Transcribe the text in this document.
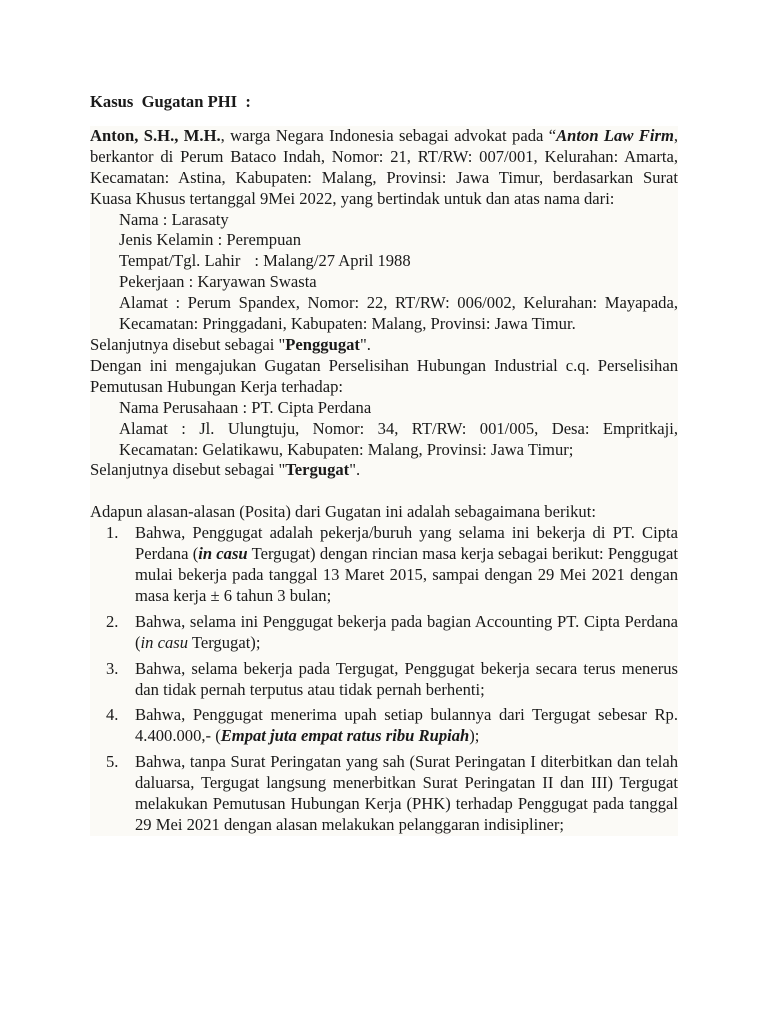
Kasus  Gugatan PHI  :

Anton, S.H., M.H., warga Negara Indonesia sebagai advokat pada “Anton Law Firm, berkantor di Perum Bataco Indah, Nomor: 21, RT/RW: 007/001, Kelurahan: Amarta, Kecamatan: Astina, Kabupaten: Malang, Provinsi: Jawa Timur, berdasarkan Surat Kuasa Khusus tertanggal 9Mei 2022, yang bertindak untuk dan atas nama dari:

Nama : Larasaty

Jenis Kelamin : Perempuan

Tempat/Tgl. Lahir : Malang/27 April 1988

Pekerjaan : Karyawan Swasta

Alamat : Perum Spandex, Nomor: 22, RT/RW: 006/002, Kelurahan: Mayapada, Kecamatan: Pringgadani, Kabupaten: Malang, Provinsi: Jawa Timur.

Selanjutnya disebut sebagai "Penggugat".

Dengan ini mengajukan Gugatan Perselisihan Hubungan Industrial c.q. Perselisihan Pemutusan Hubungan Kerja terhadap:

Nama Perusahaan : PT. Cipta Perdana

Alamat : Jl. Ulungtuju, Nomor: 34, RT/RW: 001/005, Desa: Empritkaji, Kecamatan: Gelatikawu, Kabupaten: Malang, Provinsi: Jawa Timur;

Selanjutnya disebut sebagai "Tergugat".

Adapun alasan-alasan (Posita) dari Gugatan ini adalah sebagaimana berikut:

1. Bahwa, Penggugat adalah pekerja/buruh yang selama ini bekerja di PT. Cipta Perdana (in casu Tergugat) dengan rincian masa kerja sebagai berikut: Penggugat mulai bekerja pada tanggal 13 Maret 2015, sampai dengan 29 Mei 2021 dengan masa kerja ± 6 tahun 3 bulan;
2. Bahwa, selama ini Penggugat bekerja pada bagian Accounting PT. Cipta Perdana (in casu Tergugat);
3. Bahwa, selama bekerja pada Tergugat, Penggugat bekerja secara terus menerus dan tidak pernah terputus atau tidak pernah berhenti;
4. Bahwa, Penggugat menerima upah setiap bulannya dari Tergugat sebesar Rp. 4.400.000,- (Empat juta empat ratus ribu Rupiah);
5. Bahwa, tanpa Surat Peringatan yang sah (Surat Peringatan I diterbitkan dan telah daluarsa, Tergugat langsung menerbitkan Surat Peringatan II dan III) Tergugat melakukan Pemutusan Hubungan Kerja (PHK) terhadap Penggugat pada tanggal 29 Mei 2021 dengan alasan melakukan pelanggaran indisipliner;
